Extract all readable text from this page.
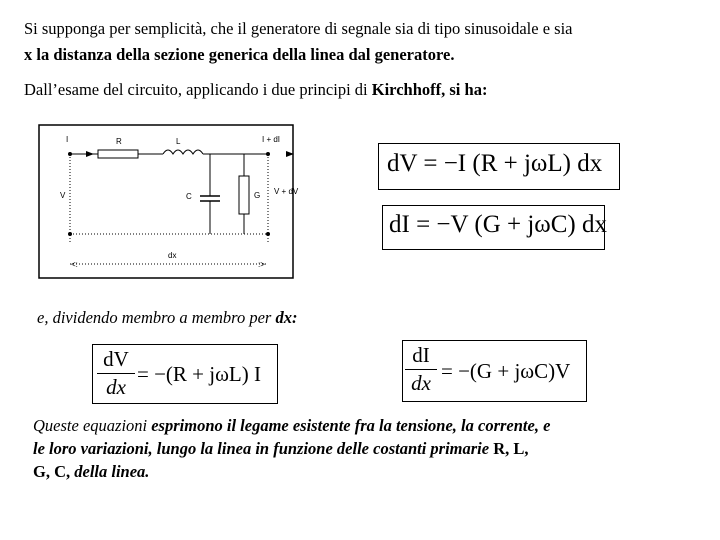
Si supponga per semplicità, che il generatore di segnale sia di tipo sinusoidale e sia
x la distanza della sezione generica della linea dal generatore.
Dall’esame del circuito, applicando i due principi di Kirchhoff, si ha:
I	R	L	I + dI
V	C	G V + dV
dx
<:	:>
dV = −I (R + jωL) dx
dI = −V (G + jωC) dx
e, dividendo membro a membro per dx:
dV
dx
= −(R + jωL) I
dI
dx = −(G + jωC)V
Queste equazioni esprimono il legame esistente fra la tensione, la corrente, e
le loro variazioni, lungo la linea in funzione delle costanti primarie R, L,
G, C, della linea.
